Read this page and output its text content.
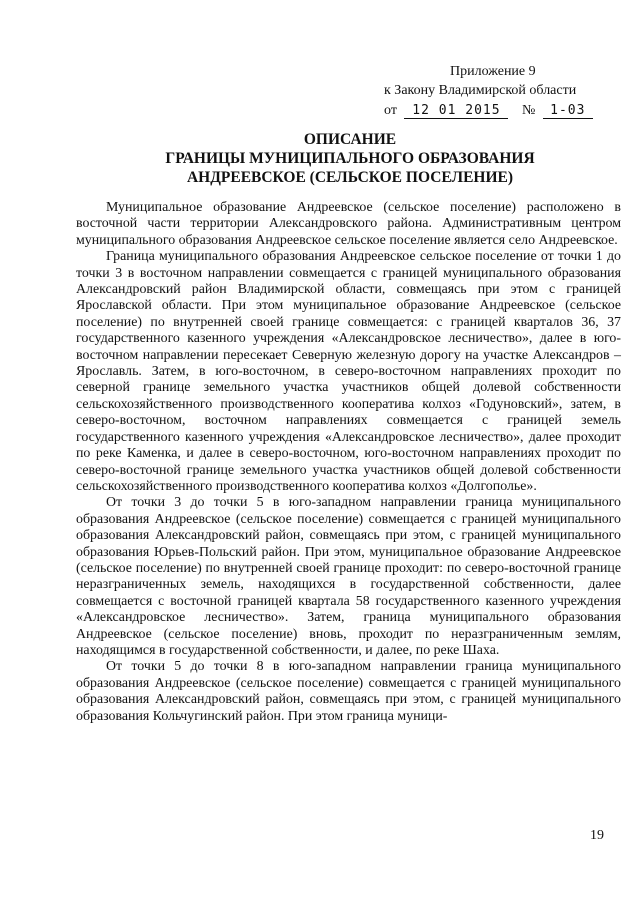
Приложение 9
к Закону Владимирской области
от 12 01 2015 № 1-03
ОПИСАНИЕ
ГРАНИЦЫ МУНИЦИПАЛЬНОГО ОБРАЗОВАНИЯ
АНДРЕЕВСКОЕ (СЕЛЬСКОЕ ПОСЕЛЕНИЕ)

Муниципальное образование Андреевское (сельское поселение) расположено в восточной части территории Александровского района. Административным центром муниципального образования Андреевское сельское поселение является село Андреевское.

Граница муниципального образования Андреевское сельское поселение от точки 1 до точки 3 в восточном направлении совмещается с границей муниципального образования Александровский район Владимирской области, совмещаясь при этом с границей Ярославской области. При этом муниципальное образование Андреевское (сельское поселение) по внутренней своей границе совмещается: с границей кварталов 36, 37 государственного казенного учреждения «Александровское лесничество», далее в юго-восточном направлении пересекает Северную железную дорогу на участке Александров – Ярославль. Затем, в юго-восточном, в северо-восточном направлениях проходит по северной границе земельного участка участников общей долевой собственности сельскохозяйственного производственного кооператива колхоз «Годуновский», затем, в северо-восточном, восточном направлениях совмещается с границей земель государственного казенного учреждения «Александровское лесничество», далее проходит по реке Каменка, и далее в северо-восточном, юго-восточном направлениях проходит по северо-восточной границе земельного участка участников общей долевой собственности сельскохозяйственного производственного кооператива колхоз «Долгополье».

От точки 3 до точки 5 в юго-западном направлении граница муниципального образования Андреевское (сельское поселение) совмещается с границей муниципального образования Александровский район, совмещаясь при этом, с границей муниципального образования Юрьев-Польский район. При этом, муниципальное образование Андреевское (сельское поселение) по внутренней своей границе проходит: по северо-восточной границе неразграниченных земель, находящихся в государственной собственности, далее совмещается с восточной границей квартала 58 государственного казенного учреждения «Александровское лесничество». Затем, граница муниципального образования Андреевское (сельское поселение) вновь, проходит по неразграниченным землям, находящимся в государственной собственности, и далее, по реке Шаха.

От точки 5 до точки 8 в юго-западном направлении граница муниципального образования Андреевское (сельское поселение) совмещается с границей муниципального образования Александровский район, совмещаясь при этом, с границей муниципального образования Кольчугинский район. При этом граница муници-

19
